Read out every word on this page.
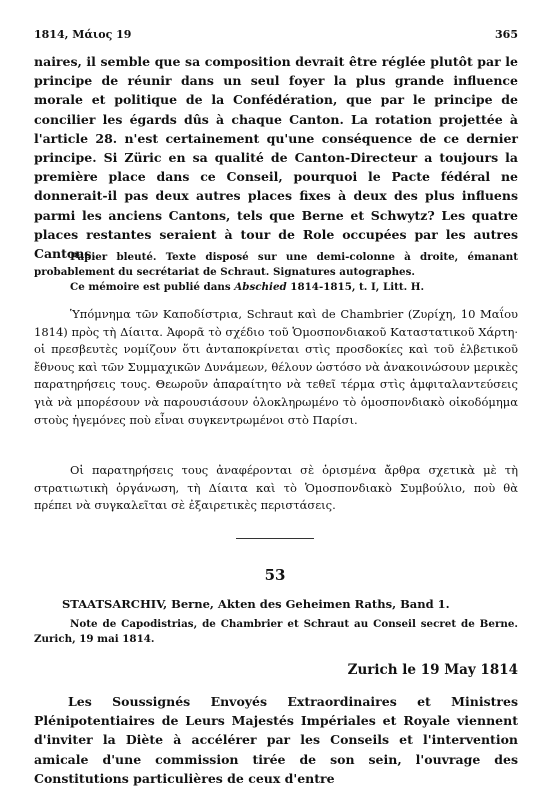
1814, Μάιος 19	365

naires, il semble que sa composition devrait être réglée plutôt par le principe de réunir dans un seul foyer la plus grande influence morale et politique de la Confédération, que par le principe de concilier les égards dûs à chaque Canton. La rotation projettée à l'article 28. n'est certainement qu'une conséquence de ce dernier principe. Si Züric en sa qualité de Canton-Directeur a toujours la première place dans ce Conseil, pourquoi le Pacte fédéral ne donnerait-il pas deux autres places fixes à deux des plus influens parmi les anciens Cantons, tels que Berne et Schwytz? Les quatre places restantes seraient à tour de Role occupées par les autres Cantons.

Papier bleuté. Texte disposé sur une demi-colonne à droite, émanant probablement du secrétariat de Schraut. Signatures autographes.

Ce mémoire est publié dans Abschied 1814-1815, t. I, Litt. H.

Ὑπόμνημα τῶν Καποδίστρια, Schraut καὶ de Chambrier (Ζυρίχη, 10 Μαΐου 1814) πρὸς τὴ Δίαιτα. Ἀφορᾶ τὸ σχέδιο τοῦ Ὁμοσπονδιακοῦ Καταστατικοῦ Χάρτη· οἱ πρεσβευτὲς νομίζουν ὅτι ἀνταποκρίνεται στὶς προσδοκίες καὶ τοῦ ἑλβετικοῦ ἔθνους καὶ τῶν Συμμαχικῶν Δυνάμεων, θέλουν ὡστόσο νὰ ἀνακοινώσουν μερικὲς παρατηρήσεις τους. Θεωροῦν ἀπαραίτητο νὰ τεθεῖ τέρμα στὶς ἀμφιταλαντεύσεις γιὰ νὰ μπορέσουν νὰ παρουσιάσουν ὁλοκληρωμένο τὸ ὁμοσπονδιακὸ οἰκοδόμημα στοὺς ἡγεμόνες ποὺ εἶναι συγκεντρωμένοι στὸ Παρίσι.

Οἱ παρατηρήσεις τους ἀναφέρονται σὲ ὁρισμένα ἄρθρα σχετικὰ μὲ τὴ στρατιωτικὴ ὀργάνωση, τὴ Δίαιτα καὶ τὸ Ὁμοσπονδιακὸ Συμβούλιο, ποὺ θὰ πρέπει νὰ συγκαλεῖται σὲ ἐξαιρετικὲς περιστάσεις.

53
STAATSARCHIV, Berne, Akten des Geheimen Raths, Band 1.

Note de Capodistrias, de Chambrier et Schraut au Conseil secret de Berne. Zurich, 19 mai 1814.

Zurich le 19 May 1814

Les Soussignés Envoyés Extraordinaires et Ministres Plénipotentiaires de Leurs Majestés Impériales et Royale viennent d'inviter la Diète à accélérer par les Conseils et l'intervention amicale d'une commission tirée de son sein, l'ouvrage des Constitutions particulières de ceux d'entre
